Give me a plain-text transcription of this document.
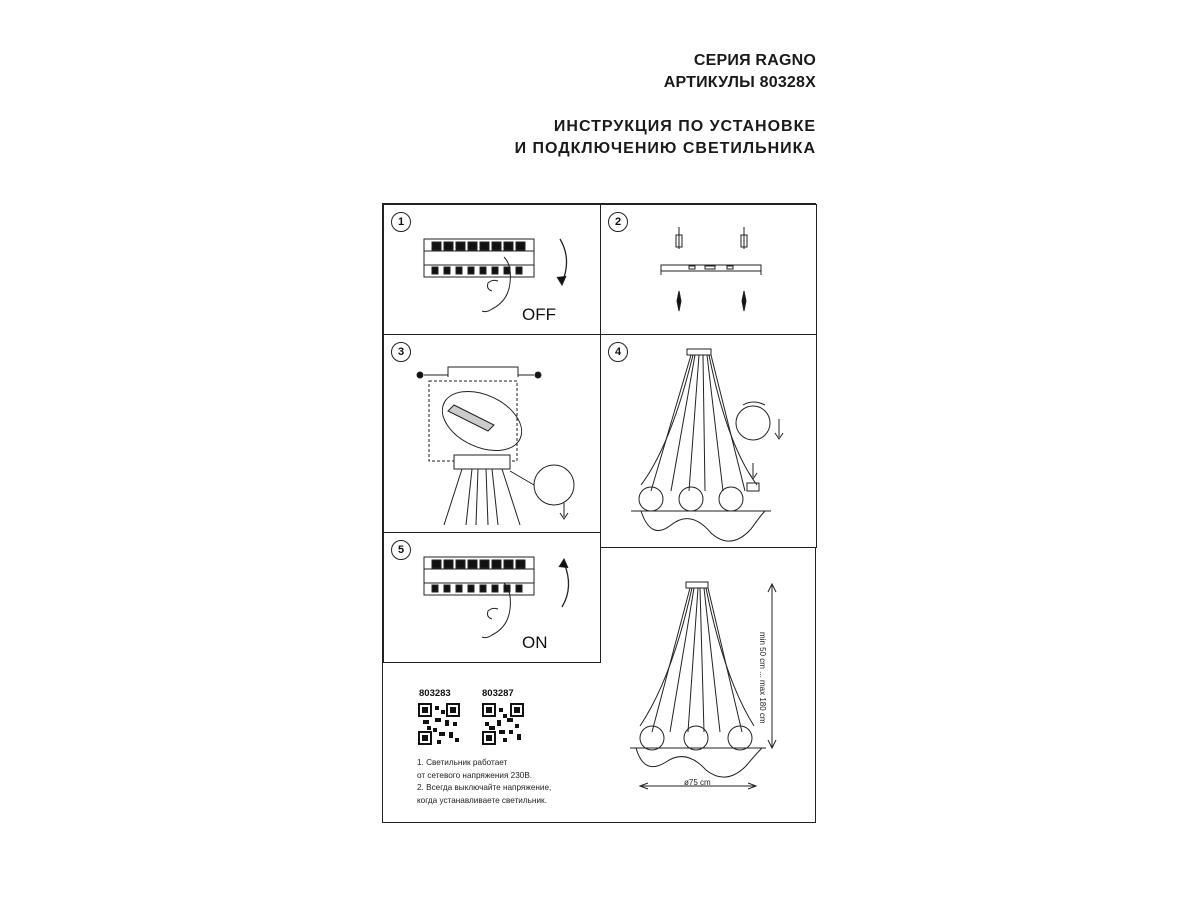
СЕРИЯ RAGNO
АРТИКУЛЫ 80328X
ИНСТРУКЦИЯ ПО УСТАНОВКЕ
И ПОДКЛЮЧЕНИЮ СВЕТИЛЬНИКА
1
OFF
2
3	4
5
ON
803283	803287
1. Светильник работает
от сетевого напряжения 230В.
2. Всегда выключайте напряжение,
когда устанавливаете светильник.
min 50 cm ... max 180 cm
ø75 cm
